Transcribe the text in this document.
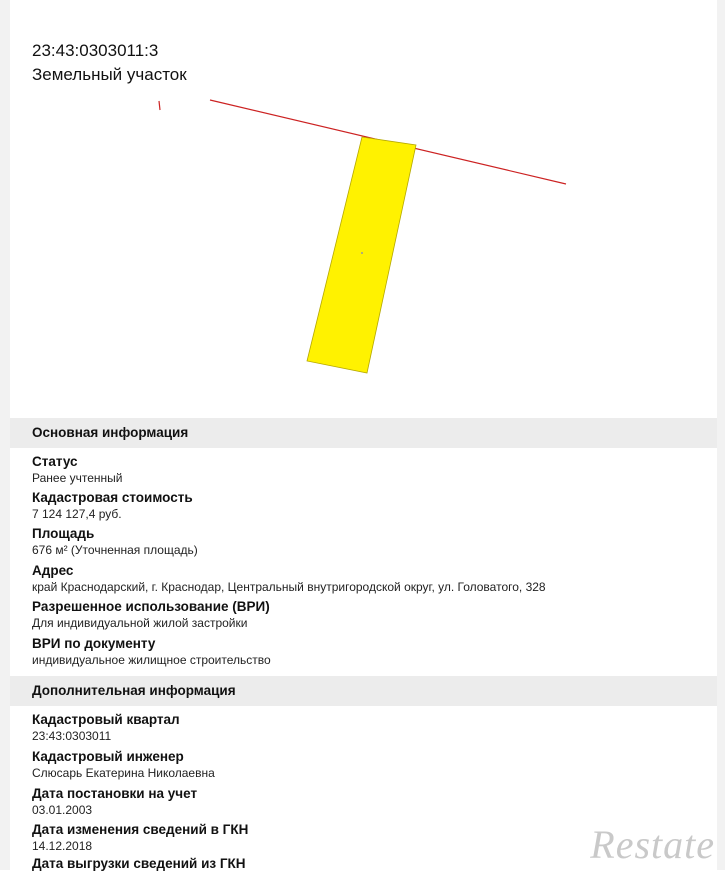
23:43:0303011:3
Земельный участок
Основная информация
Статус
Ранее учтенный
Кадастровая стоимость
7 124 127,4 руб.
Площадь
676 м² (Уточненная площадь)
Адрес
край Краснодарский, г. Краснодар, Центральный внутригородской округ, ул. Головатого, 328
Разрешенное использование (ВРИ)
Для индивидуальной жилой застройки
ВРИ по документу
индивидуальное жилищное строительство
Дополнительная информация
Кадастровый квартал
23:43:0303011
Кадастровый инженер
Слюсарь Екатерина Николаевна
Дата постановки на учет
03.01.2003
Дата изменения сведений в ГКН
14.12.2018
Дата выгрузки сведений из ГКН	Restate
